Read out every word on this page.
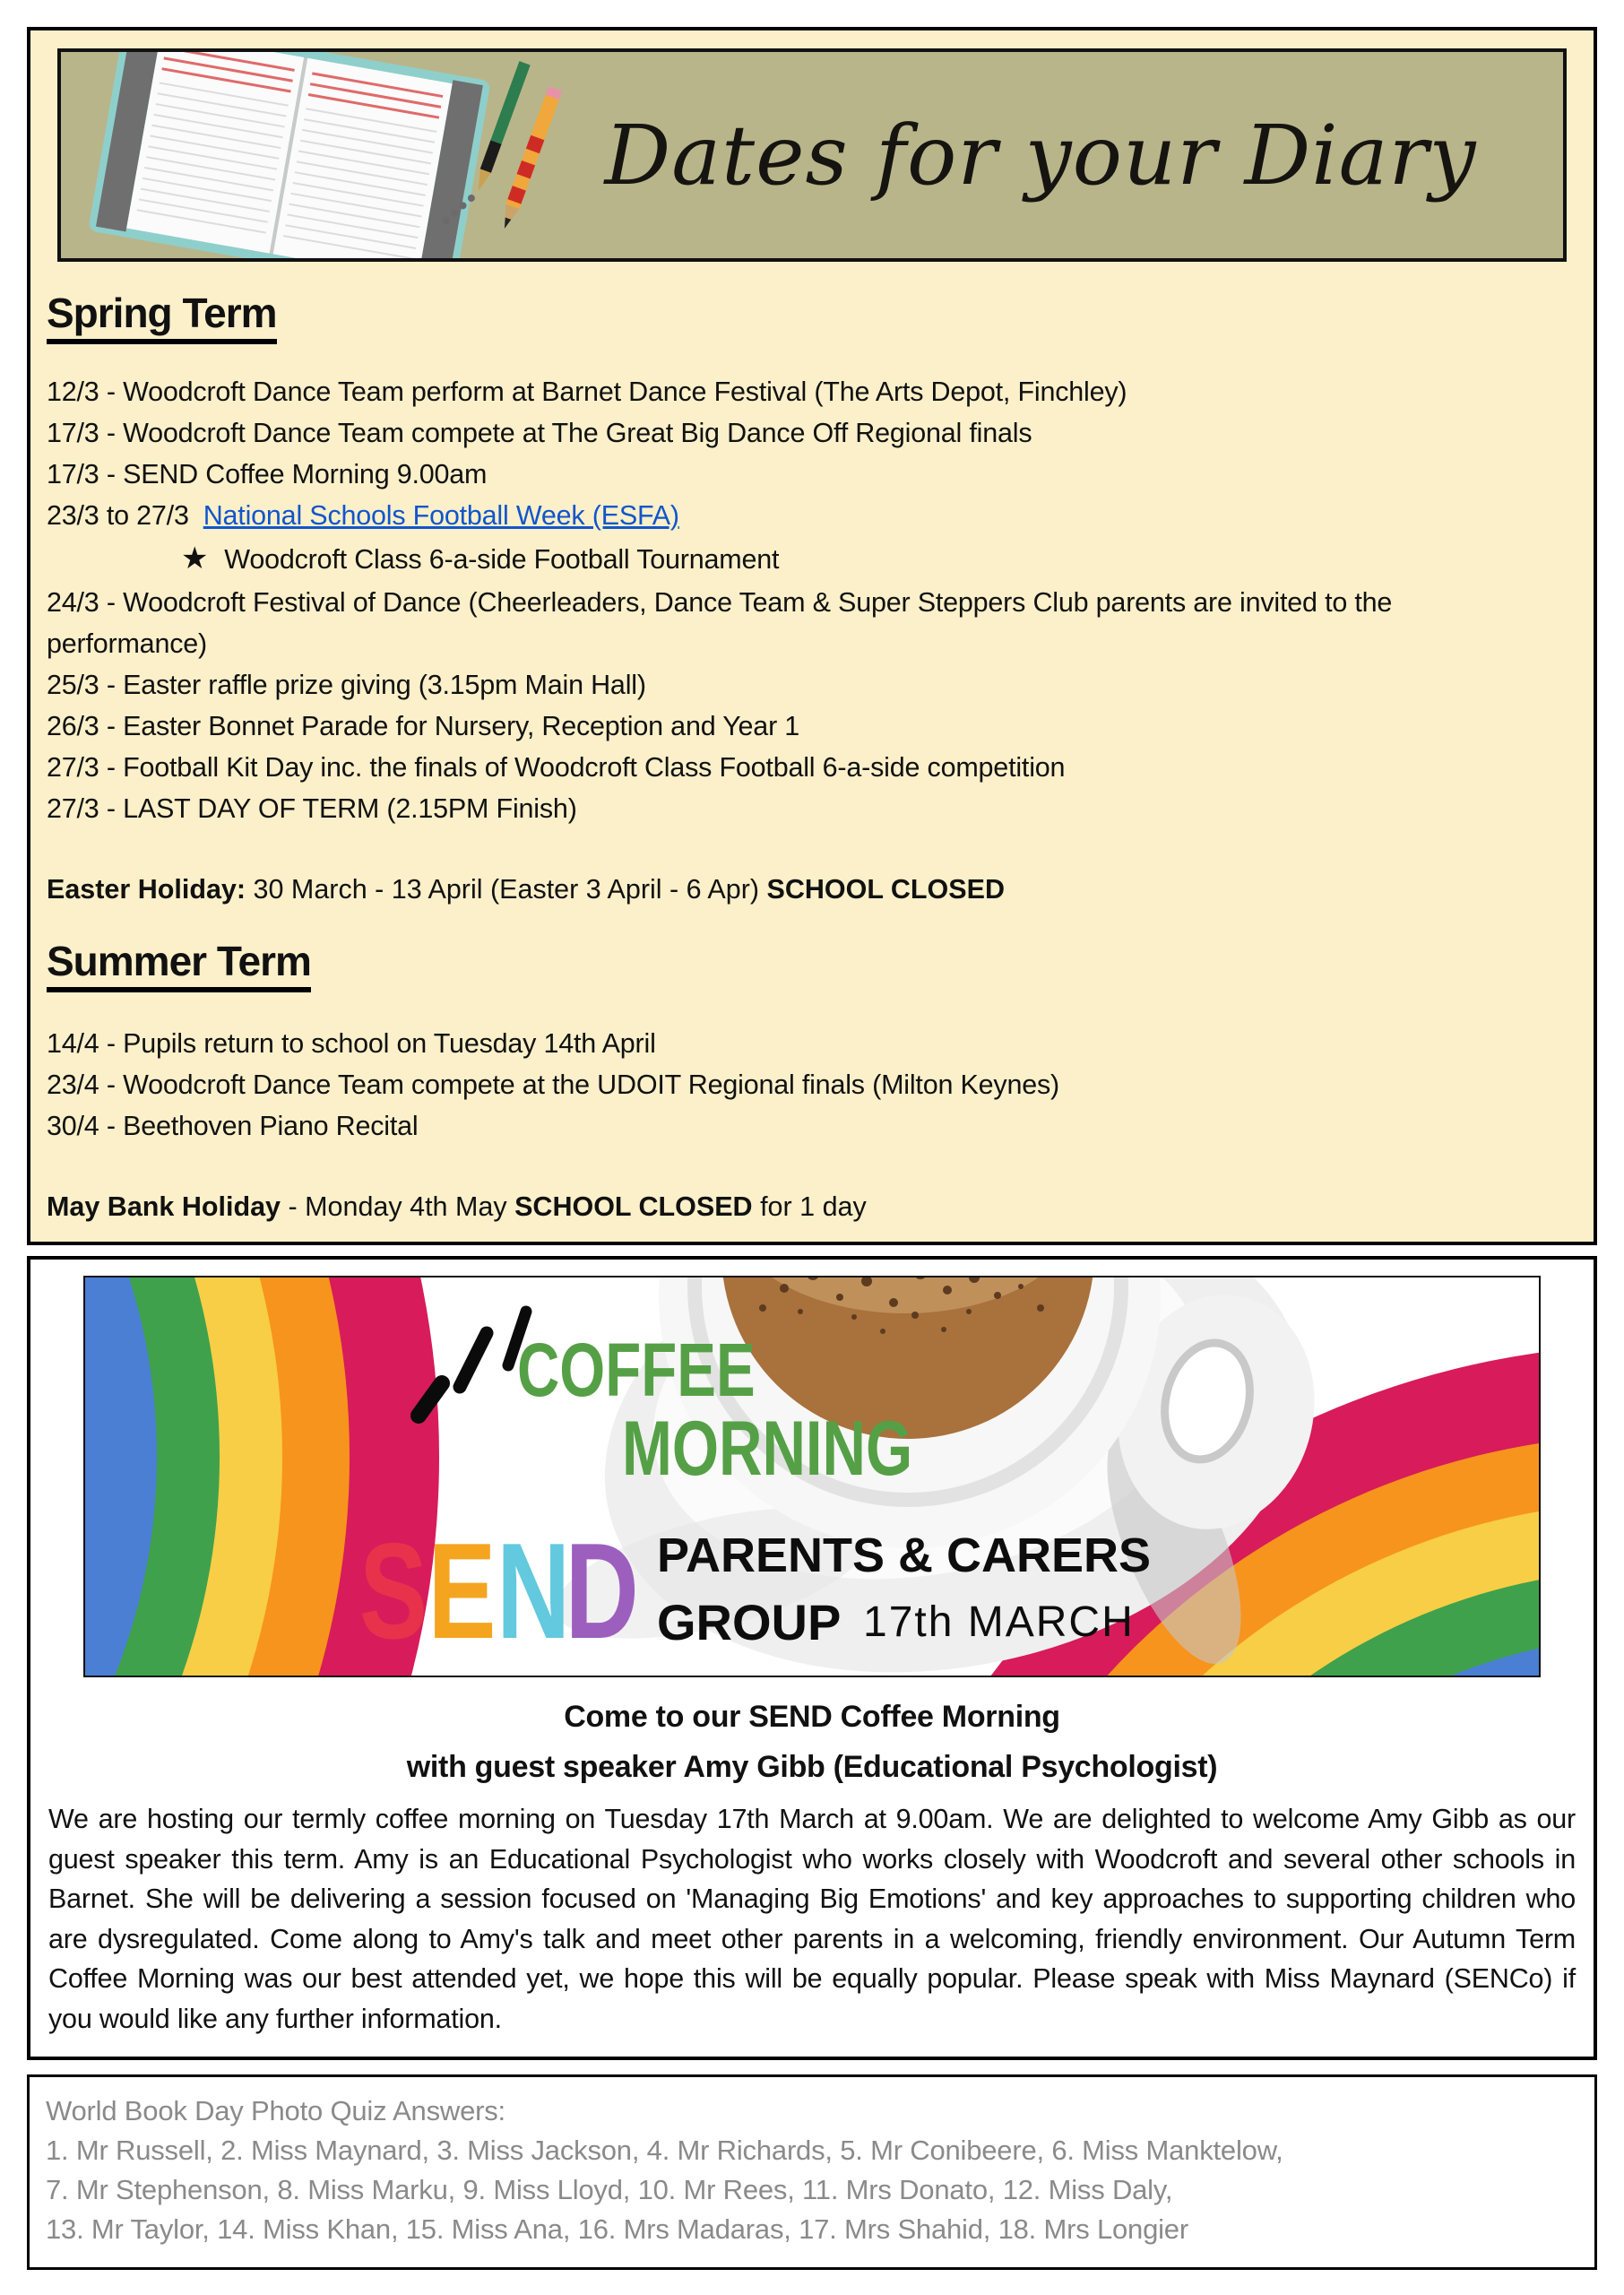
Dates for your Diary
Spring Term
12/3 - Woodcroft Dance Team perform at Barnet Dance Festival (The Arts Depot, Finchley)
17/3 - Woodcroft Dance Team compete at The Great Big Dance Off Regional finals
17/3 - SEND Coffee Morning 9.00am
23/3 to 27/3 National Schools Football Week (ESFA)
★ Woodcroft Class 6-a-side Football Tournament
24/3 - Woodcroft Festival of Dance (Cheerleaders, Dance Team & Super Steppers Club parents are invited to the performance)
25/3 - Easter raffle prize giving (3.15pm Main Hall)
26/3 - Easter Bonnet Parade for Nursery, Reception and Year 1
27/3 - Football Kit Day inc. the finals of Woodcroft Class Football 6-a-side competition
27/3 - LAST DAY OF TERM (2.15PM Finish)
Easter Holiday: 30 March - 13 April (Easter 3 April - 6 Apr) SCHOOL CLOSED
Summer Term
14/4 - Pupils return to school on Tuesday 14th April
23/4 - Woodcroft Dance Team compete at the UDOIT Regional finals (Milton Keynes)
30/4 - Beethoven Piano Recital
May Bank Holiday - Monday 4th May SCHOOL CLOSED for 1 day
COFFEE
MORNING
S E N
D PARENTS & CARERS
GROUP 17th MARCH
Come to our SEND Coffee Morning
with guest speaker Amy Gibb (Educational Psychologist)

We are hosting our termly coffee morning on Tuesday 17th March at 9.00am. We are delighted to welcome Amy Gibb as our guest speaker this term. Amy is an Educational Psychologist who works closely with Woodcroft and several other schools in Barnet. She will be delivering a session focused on 'Managing Big Emotions' and key approaches to supporting children who are dysregulated. Come along to Amy's talk and meet other parents in a welcoming, friendly environment. Our Autumn Term Coffee Morning was our best attended yet, we hope this will be equally popular. Please speak with Miss Maynard (SENCo) if you would like any further information.

World Book Day Photo Quiz Answers:
1. Mr Russell, 2. Miss Maynard, 3. Miss Jackson, 4. Mr Richards, 5. Mr Conibeere, 6. Miss Manktelow,
7. Mr Stephenson, 8. Miss Marku, 9. Miss Lloyd, 10. Mr Rees, 11. Mrs Donato, 12. Miss Daly,
13. Mr Taylor, 14. Miss Khan, 15. Miss Ana, 16. Mrs Madaras, 17. Mrs Shahid, 18. Mrs Longier
